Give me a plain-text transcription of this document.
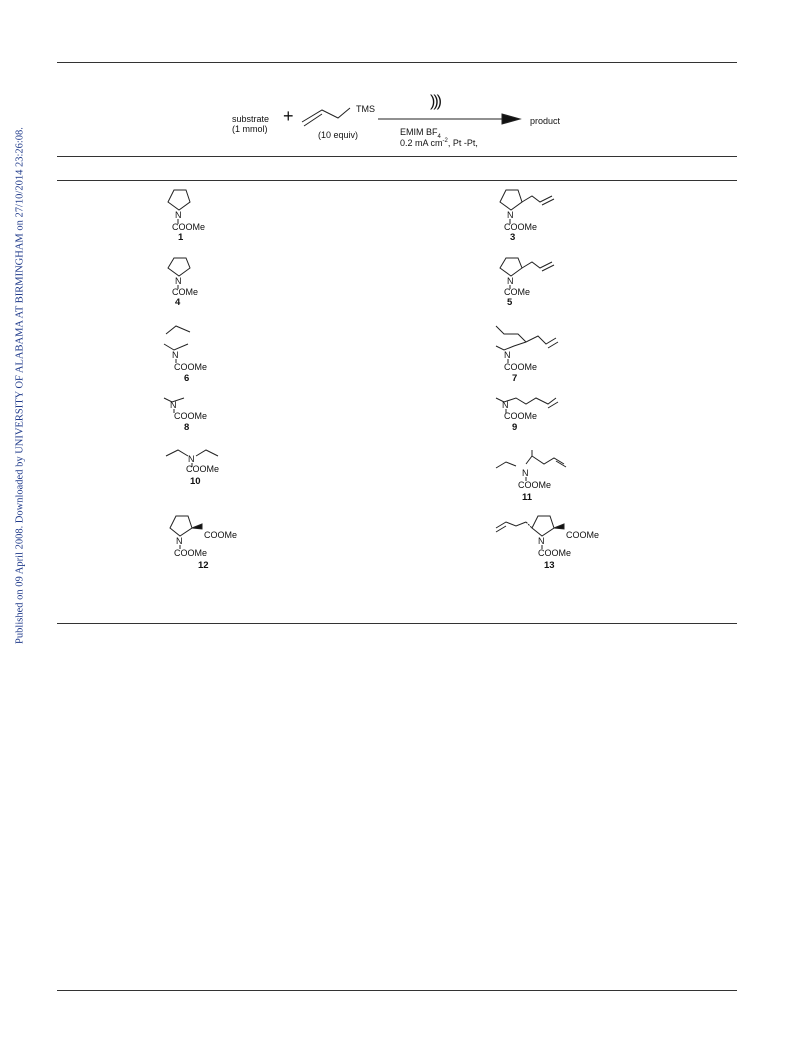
Published on 09 April 2008. Downloaded by UNIVERSITY OF ALABAMA AT BIRMINGHAM on 27/10/2014 23:26:08.
substrate
(1 mmol)
+	TMS
(10 equiv)
)))
EMIM $BF_4$
0.2 mA $cm^{-2}$, Pt -Pt,
product
N
COOMe
1
N
COOMe
3
N
COMe
4
N
COMe
5
N
COOMe
6
N
COOMe
7
N
COOMe
8
N
COOMe
9
N
COOMe
10
N
COOMe
11
COOMe
N
COOMe
12
COOMe
N
COOMe
13
